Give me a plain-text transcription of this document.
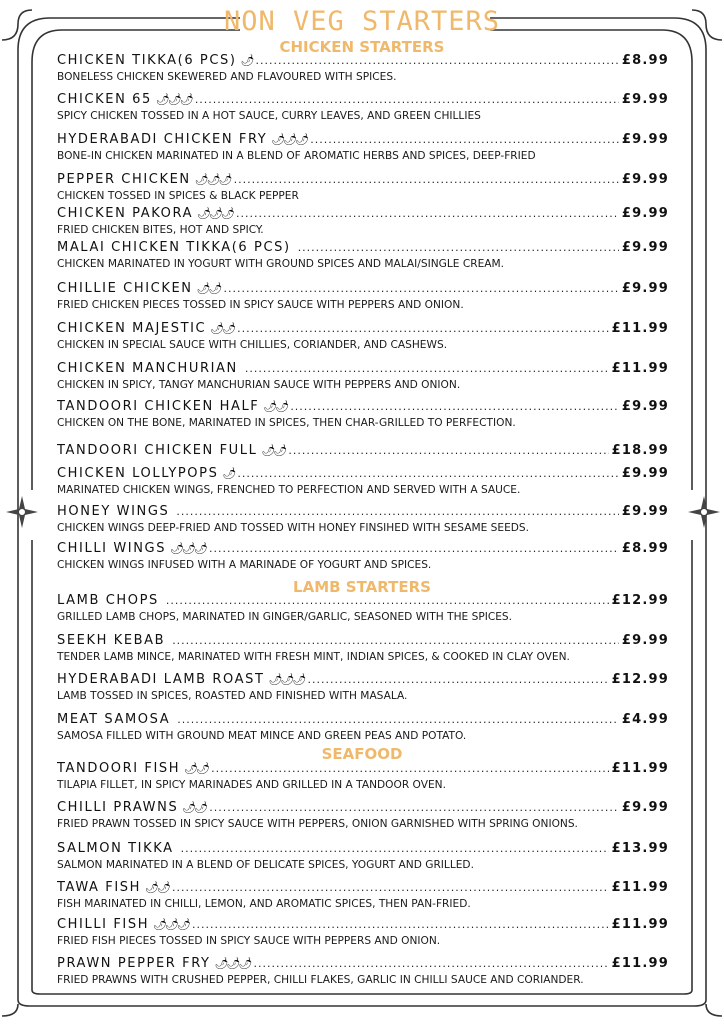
NON VEG STARTERS
CHICKEN STARTERS
LAMB STARTERS
SEAFOOD
CHICKEN TIKKA(6 PCS) 🌶 .....	£8.99
BONELESS CHICKEN SKEWERED AND FLAVOURED WITH SPICES.
CHICKEN 65 🌶🌶🌶 .....	£9.99
SPICY CHICKEN TOSSED IN A HOT SAUCE, CURRY LEAVES, AND GREEN CHILLIES
HYDERABADI CHICKEN FRY 🌶🌶🌶 .....	£9.99
BONE-IN CHICKEN MARINATED IN A BLEND OF AROMATIC HERBS AND SPICES, DEEP-FRIED
PEPPER CHICKEN 🌶🌶🌶 .....	£9.99
CHICKEN TOSSED IN SPICES & BLACK PEPPER
CHICKEN PAKORA 🌶🌶🌶 .....	£9.99
FRIED CHICKEN BITES, HOT AND SPICY.
MALAI CHICKEN TIKKA(6 PCS) .....	£9.99
CHICKEN MARINATED IN YOGURT WITH GROUND SPICES AND MALAI/SINGLE CREAM.
CHILLIE CHICKEN 🌶🌶 .....	£9.99
FRIED CHICKEN PIECES TOSSED IN SPICY SAUCE WITH PEPPERS AND ONION.
CHICKEN MAJESTIC 🌶🌶 .....	£11.99
CHICKEN IN SPECIAL SAUCE WITH CHILLIES, CORIANDER, AND CASHEWS.
CHICKEN MANCHURIAN .....	£11.99
CHICKEN IN SPICY, TANGY MANCHURIAN SAUCE WITH PEPPERS AND ONION.
TANDOORI CHICKEN HALF 🌶🌶 .....	£9.99
CHICKEN ON THE BONE, MARINATED IN SPICES, THEN CHAR-GRILLED TO PERFECTION.
TANDOORI CHICKEN FULL 🌶🌶 .....	£18.99
CHICKEN LOLLYPOPS 🌶 .....	£9.99
MARINATED CHICKEN WINGS, FRENCHED TO PERFECTION AND SERVED WITH A SAUCE.
HONEY WINGS .....	£9.99
CHICKEN WINGS DEEP-FRIED AND TOSSED WITH HONEY FINSIHED WITH SESAME SEEDS.
CHILLI WINGS 🌶🌶🌶 .....	£8.99
CHICKEN WINGS INFUSED WITH A MARINADE OF YOGURT AND SPICES.
LAMB CHOPS .....	£12.99
GRILLED LAMB CHOPS, MARINATED IN GINGER/GARLIC, SEASONED WITH THE SPICES.
SEEKH KEBAB .....	£9.99
TENDER LAMB MINCE, MARINATED WITH FRESH MINT, INDIAN SPICES, & COOKED IN CLAY OVEN.
HYDERABADI LAMB ROAST 🌶🌶🌶 .....	£12.99
LAMB TOSSED IN SPICES, ROASTED AND FINISHED WITH MASALA.
MEAT SAMOSA .....	£4.99
SAMOSA FILLED WITH GROUND MEAT MINCE AND GREEN PEAS AND POTATO.
TANDOORI FISH 🌶🌶 .....	£11.99
TILAPIA FILLET, IN SPICY MARINADES AND GRILLED IN A TANDOOR OVEN.
CHILLI PRAWNS 🌶🌶 .....	£9.99
FRIED PRAWN TOSSED IN SPICY SAUCE WITH PEPPERS, ONION GARNISHED WITH SPRING ONIONS.
SALMON TIKKA .....	£13.99
SALMON MARINATED IN A BLEND OF DELICATE SPICES, YOGURT AND GRILLED.
TAWA FISH 🌶🌶 .....	£11.99
FISH MARINATED IN CHILLI, LEMON, AND AROMATIC SPICES, THEN PAN-FRIED.
CHILLI FISH 🌶🌶🌶 .....	£11.99
FRIED FISH PIECES TOSSED IN SPICY SAUCE WITH PEPPERS AND ONION.
PRAWN PEPPER FRY 🌶🌶🌶 .....	£11.99
FRIED PRAWNS WITH CRUSHED PEPPER, CHILLI FLAKES, GARLIC IN CHILLI SAUCE AND CORIANDER.
